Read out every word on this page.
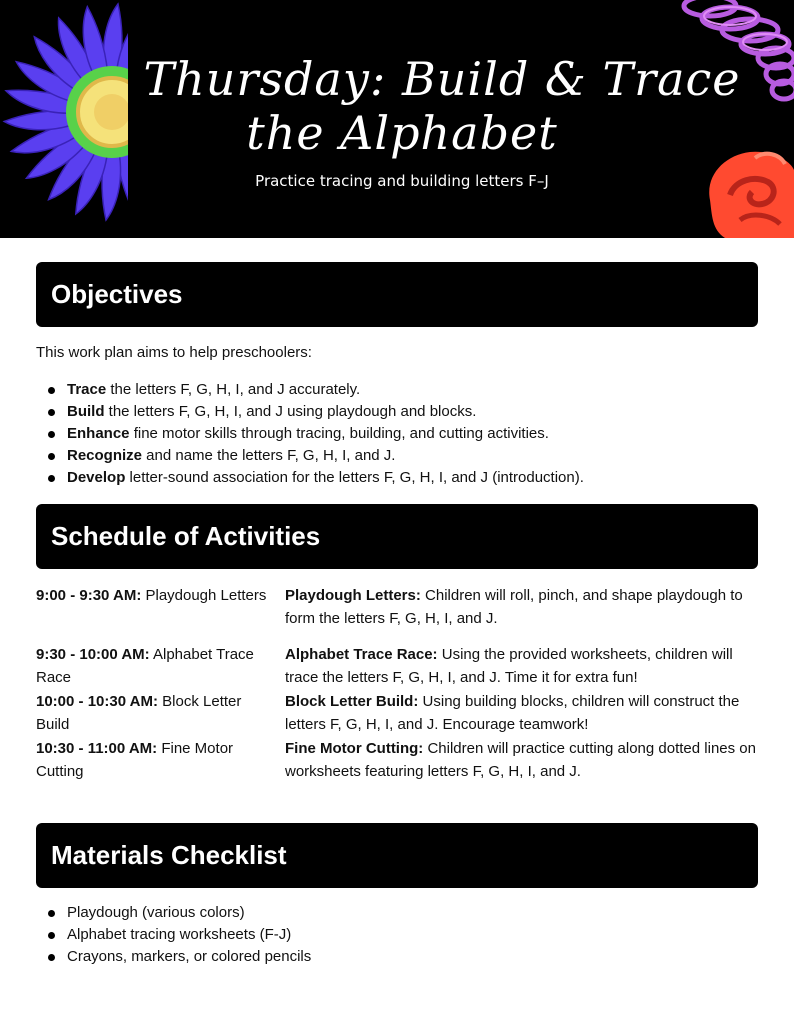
Thursday: Build & Trace
the Alphabet
Practice tracing and building letters F–J
Objectives
This work plan aims to help preschoolers:
Trace the letters F, G, H, I, and J accurately.
Build the letters F, G, H, I, and J using playdough and blocks.
Enhance fine motor skills through tracing, building, and cutting activities.
Recognize and name the letters F, G, H, I, and J.
Develop letter-sound association for the letters F, G, H, I, and J (introduction).
Schedule of Activities
9:00 - 9:30 AM: Playdough Letters	Playdough Letters: Children will roll, pinch, and shape playdough to form the letters F, G, H, I, and J.
9:30 - 10:00 AM: Alphabet Trace Race
Alphabet Trace Race: Using the provided worksheets, children will trace the letters F, G, H, I, and J. Time it for extra fun!
10:00 - 10:30 AM: Block Letter Build
Block Letter Build: Using building blocks, children will construct the letters F, G, H, I, and J. Encourage teamwork!
10:30 - 11:00 AM: Fine Motor Cutting
Fine Motor Cutting: Children will practice cutting along dotted lines on worksheets featuring letters F, G, H, I, and J.
Materials Checklist
Playdough (various colors)
Alphabet tracing worksheets (F-J)
Crayons, markers, or colored pencils
